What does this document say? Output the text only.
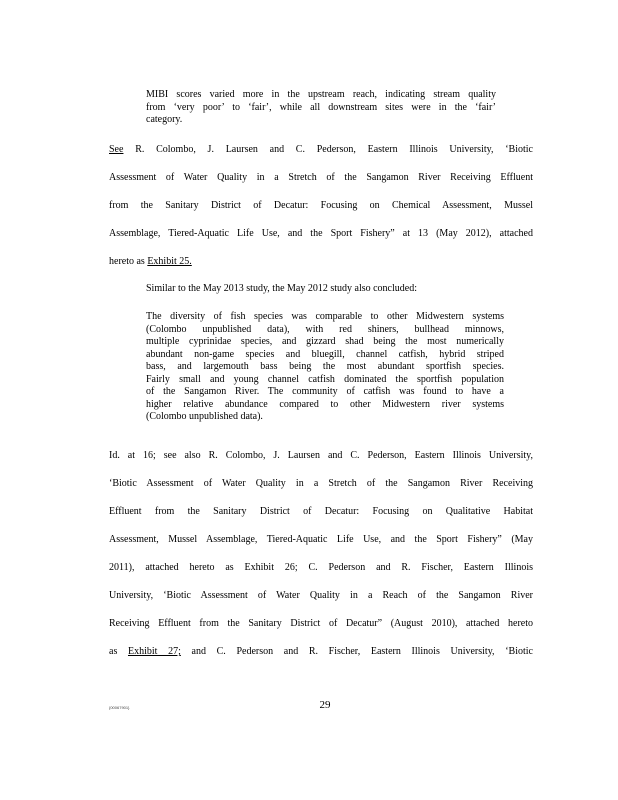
MIBI scores varied more in the upstream reach, indicating stream quality
from ‘very poor’ to ‘fair’, while all downstream sites were in the ‘fair’
category.
See R. Colombo, J. Laursen and C. Pederson, Eastern Illinois University, ‘Biotic
Assessment of Water Quality in a Stretch of the Sangamon River Receiving Effluent
from the Sanitary District of Decatur: Focusing on Chemical Assessment, Mussel
Assemblage, Tiered-Aquatic Life Use, and the Sport Fishery” at 13 (May 2012), attached
hereto as Exhibit 25.
Similar to the May 2013 study, the May 2012 study also concluded:
The diversity of fish species was comparable to other Midwestern systems
(Colombo unpublished data), with red shiners, bullhead minnows,
multiple cyprinidae species, and gizzard shad being the most numerically
abundant non-game species and bluegill, channel catfish, hybrid striped
bass, and largemouth bass being the most abundant sportfish species.
Fairly small and young channel catfish dominated the sportfish population
of the Sangamon River. The community of catfish was found to have a
higher relative abundance compared to other Midwestern river systems
(Colombo unpublished data).
Id. at 16; see also R. Colombo, J. Laursen and C. Pederson, Eastern Illinois University,
‘Biotic Assessment of Water Quality in a Stretch of the Sangamon River Receiving
Effluent from the Sanitary District of Decatur: Focusing on Qualitative Habitat
Assessment, Mussel Assemblage, Tiered-Aquatic Life Use, and the Sport Fishery” (May
2011), attached hereto as Exhibit 26; C. Pederson and R. Fischer, Eastern Illinois
University, ‘Biotic Assessment of Water Quality in a Reach of the Sangamon River
Receiving Effluent from the Sanitary District of Decatur” (August 2010), attached hereto
as Exhibit 27; and C. Pederson and R. Fischer, Eastern Illinois University, ‘Biotic
{00067901}	29
